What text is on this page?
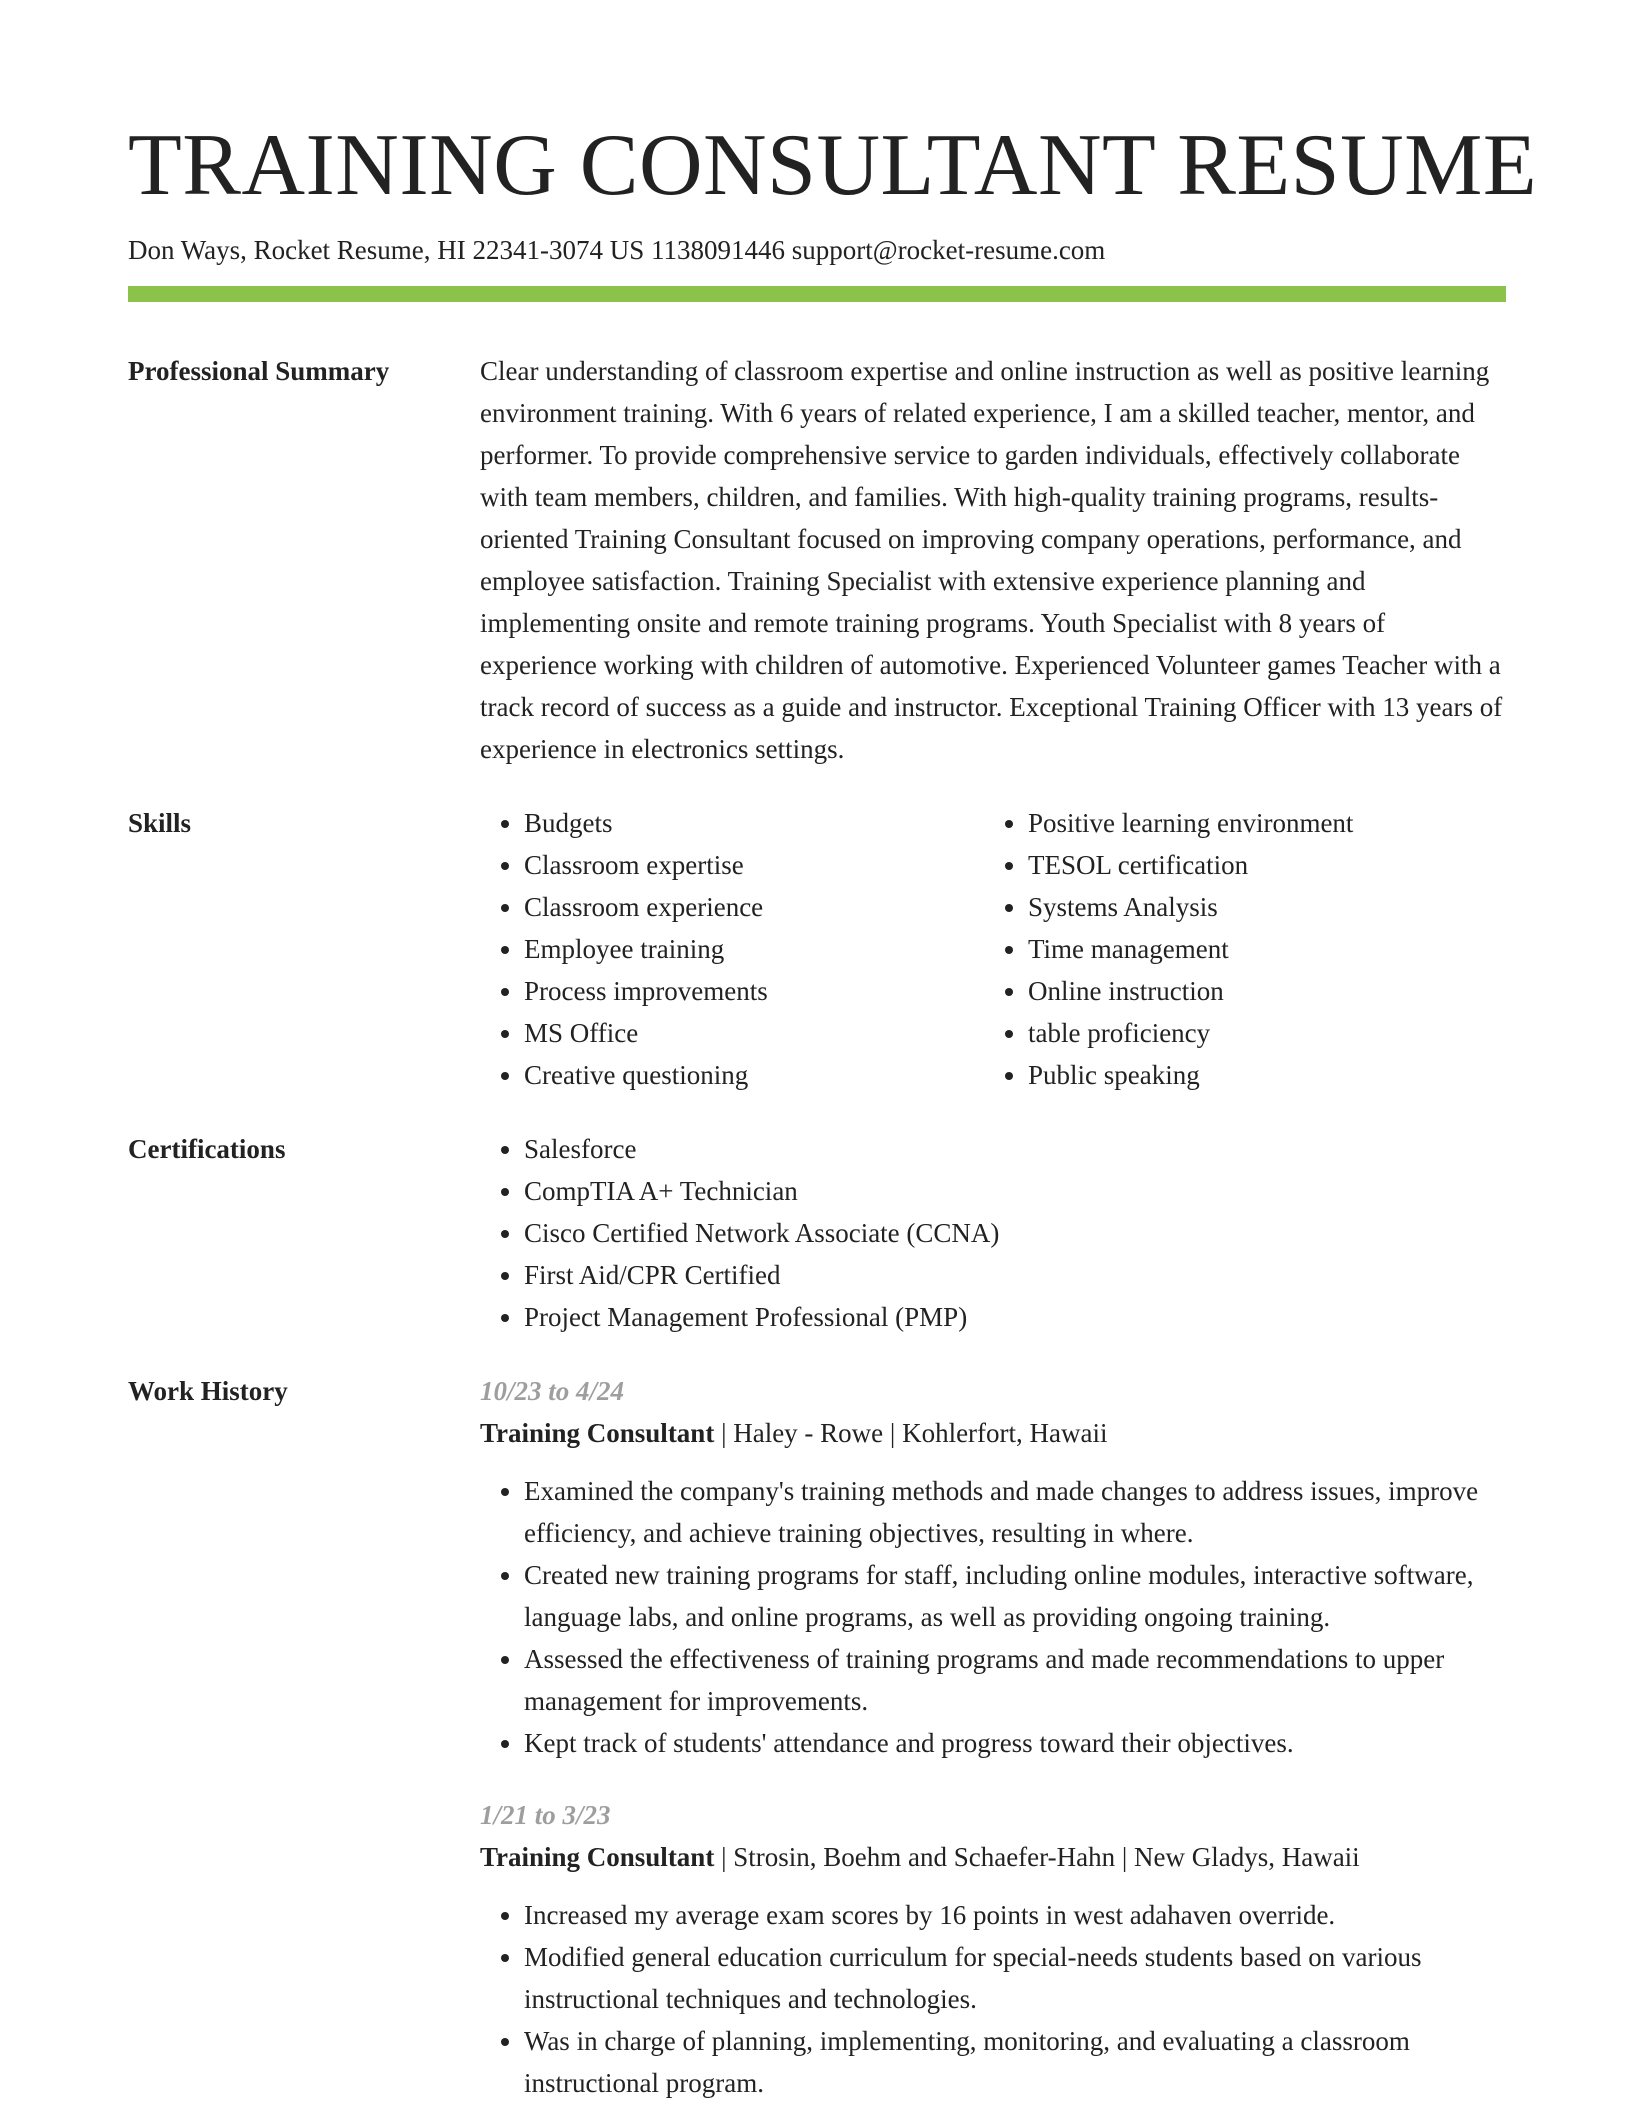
TRAINING CONSULTANT RESUME
Don Ways, Rocket Resume, HI 22341-3074 US 1138091446 support@rocket-resume.com
Professional Summary	Clear understanding of classroom expertise and online instruction as well as positive learning environment training. With 6 years of related experience, I am a skilled teacher, mentor, and performer. To provide comprehensive service to garden individuals, effectively collaborate with team members, children, and families. With high-quality training programs, results-oriented Training Consultant focused on improving company operations, performance, and employee satisfaction. Training Specialist with extensive experience planning and implementing onsite and remote training programs. Youth Specialist with 8 years of experience working with children of automotive. Experienced Volunteer games Teacher with a track record of success as a guide and instructor. Exceptional Training Officer with 13 years of experience in electronics settings.

Skills	• Budgets
• Classroom expertise
• Classroom experience
• Employee training
• Process improvements
• MS Office
• Creative questioning
• Positive learning environment
• TESOL certification
• Systems Analysis
• Time management
• Online instruction
• table proficiency
• Public speaking
Certifications	• Salesforce
• CompTIA A+ Technician
• Cisco Certified Network Associate (CCNA)
• First Aid/CPR Certified
• Project Management Professional (PMP)
Work History	10/23 to 4/24
Training Consultant | Haley - Rowe | Kohlerfort, Hawaii
• Examined the company's training methods and made changes to address issues, improve efficiency, and achieve training objectives, resulting in where.
• Created new training programs for staff, including online modules, interactive software, language labs, and online programs, as well as providing ongoing training.
• Assessed the effectiveness of training programs and made recommendations to upper management for improvements.
• Kept track of students' attendance and progress toward their objectives.
1/21 to 3/23
Training Consultant | Strosin, Boehm and Schaefer-Hahn | New Gladys, Hawaii
• Increased my average exam scores by 16 points in west adahaven override.
• Modified general education curriculum for special-needs students based on various instructional techniques and technologies.
• Was in charge of planning, implementing, monitoring, and evaluating a classroom instructional program.
